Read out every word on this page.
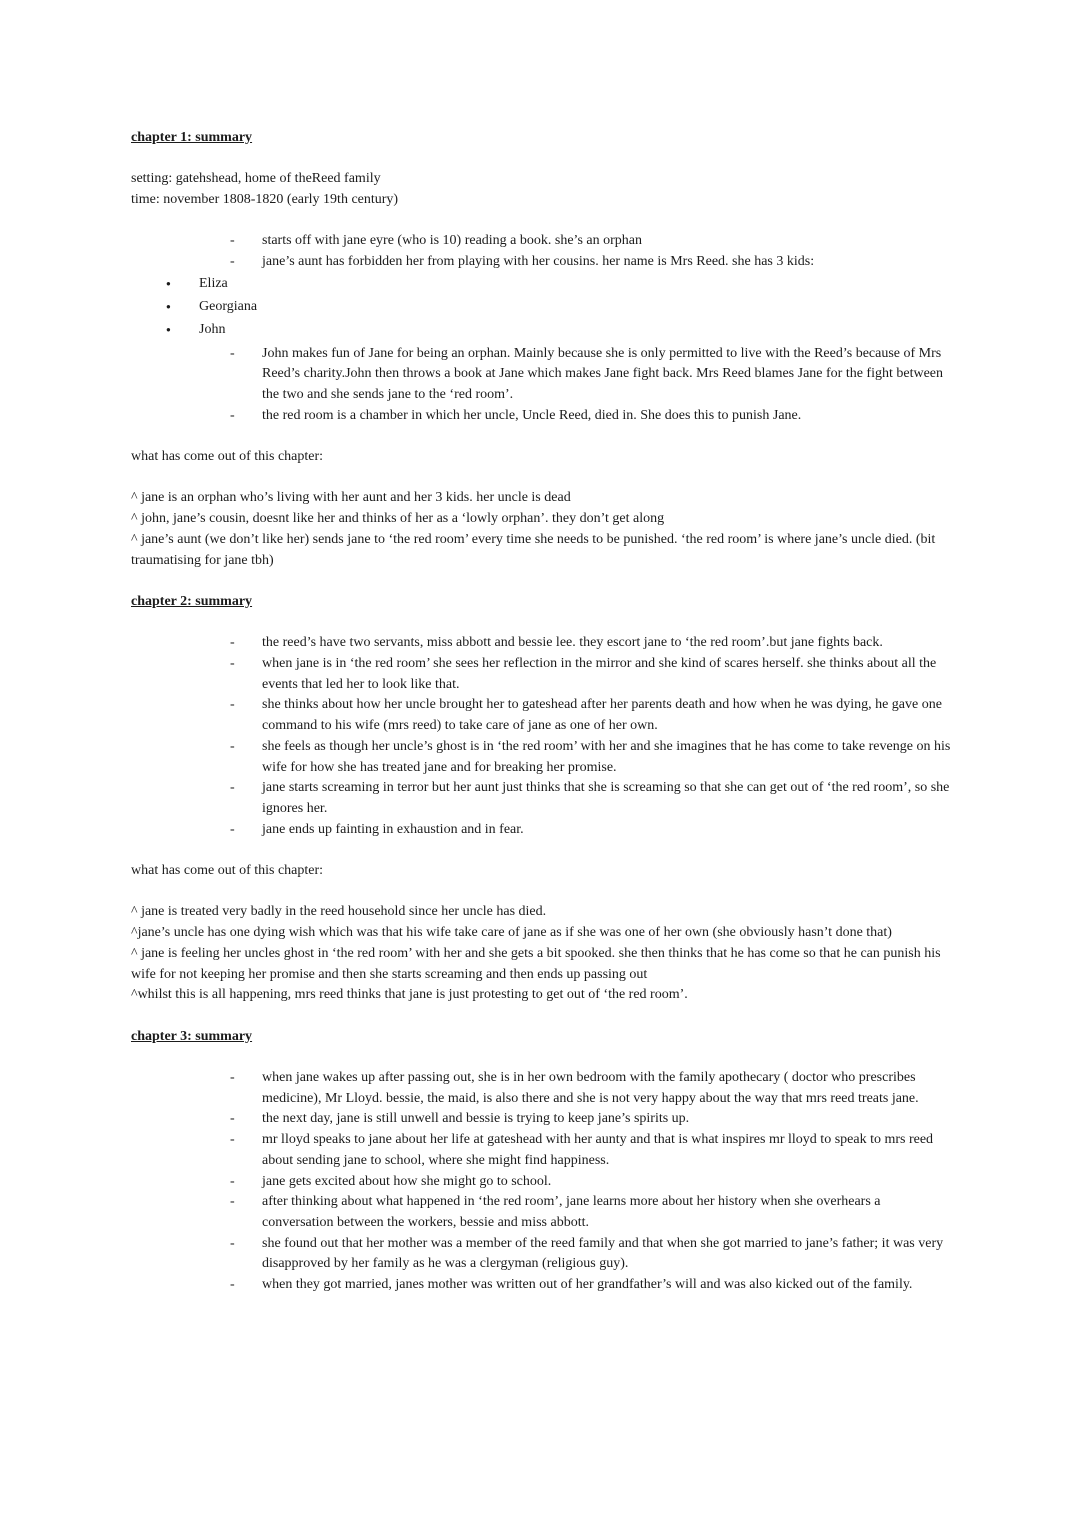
chapter 1: summary
setting: gatehshead, home of theReed family
time: november 1808-1820 (early 19th century)
- starts off with jane eyre (who is 10) reading a book. she’s an orphan
- jane’s aunt has forbidden her from playing with her cousins. her name is Mrs Reed. she has 3 kids:
● Eliza
● Georgiana
● John
- John makes fun of Jane for being an orphan. Mainly because she is only permitted to live with the Reed’s because of Mrs Reed’s charity.John then throws a book at Jane which makes Jane fight back. Mrs Reed blames Jane for the fight between the two and she sends jane to the ‘red room’.
- the red room is a chamber in which her uncle, Uncle Reed, died in. She does this to punish Jane.
what has come out of this chapter:
^ jane is an orphan who’s living with her aunt and her 3 kids. her uncle is dead
^ john, jane’s cousin, doesnt like her and thinks of her as a ‘lowly orphan’. they don’t get along
^ jane’s aunt (we don’t like her) sends jane to ‘the red room’ every time she needs to be punished. ‘the red room’ is where jane’s uncle died. (bit traumatising for jane tbh)
chapter 2: summary
- the reed’s have two servants, miss abbott and bessie lee. they escort jane to ‘the red room’.but jane fights back.
- when jane is in ‘the red room’ she sees her reflection in the mirror and she kind of scares herself. she thinks about all the events that led her to look like that.
- she thinks about how her uncle brought her to gateshead after her parents death and how when he was dying, he gave one command to his wife (mrs reed) to take care of jane as one of her own.
- she feels as though her uncle’s ghost is in ‘the red room’ with her and she imagines that he has come to take revenge on his wife for how she has treated jane and for breaking her promise.
- jane starts screaming in terror but her aunt just thinks that she is screaming so that she can get out of ‘the red room’, so she ignores her.
- jane ends up fainting in exhaustion and in fear.
what has come out of this chapter:
^ jane is treated very badly in the reed household since her uncle has died.
^jane’s uncle has one dying wish which was that his wife take care of jane as if she was one of her own (she obviously hasn’t done that)
^ jane is feeling her uncles ghost in ‘the red room’ with her and she gets a bit spooked. she then thinks that he has come so that he can punish his wife for not keeping her promise and then she starts screaming and then ends up passing out
^whilst this is all happening, mrs reed thinks that jane is just protesting to get out of ‘the red room’.
chapter 3: summary
- when jane wakes up after passing out, she is in her own bedroom with the family apothecary ( doctor who prescribes medicine), Mr Lloyd. bessie, the maid, is also there and she is not very happy about the way that mrs reed treats jane.
- the next day, jane is still unwell and bessie is trying to keep jane’s spirits up.
- mr lloyd speaks to jane about her life at gateshead with her aunty and that is what inspires mr lloyd to speak to mrs reed about sending jane to school, where she might find happiness.
- jane gets excited about how she might go to school.
- after thinking about what happened in ‘the red room’, jane learns more about her history when she overhears a conversation between the workers, bessie and miss abbott.
- she found out that her mother was a member of the reed family and that when she got married to jane’s father; it was very disapproved by her family as he was a clergyman (religious guy).
- when they got married, janes mother was written out of her grandfather’s will and was also kicked out of the family.
